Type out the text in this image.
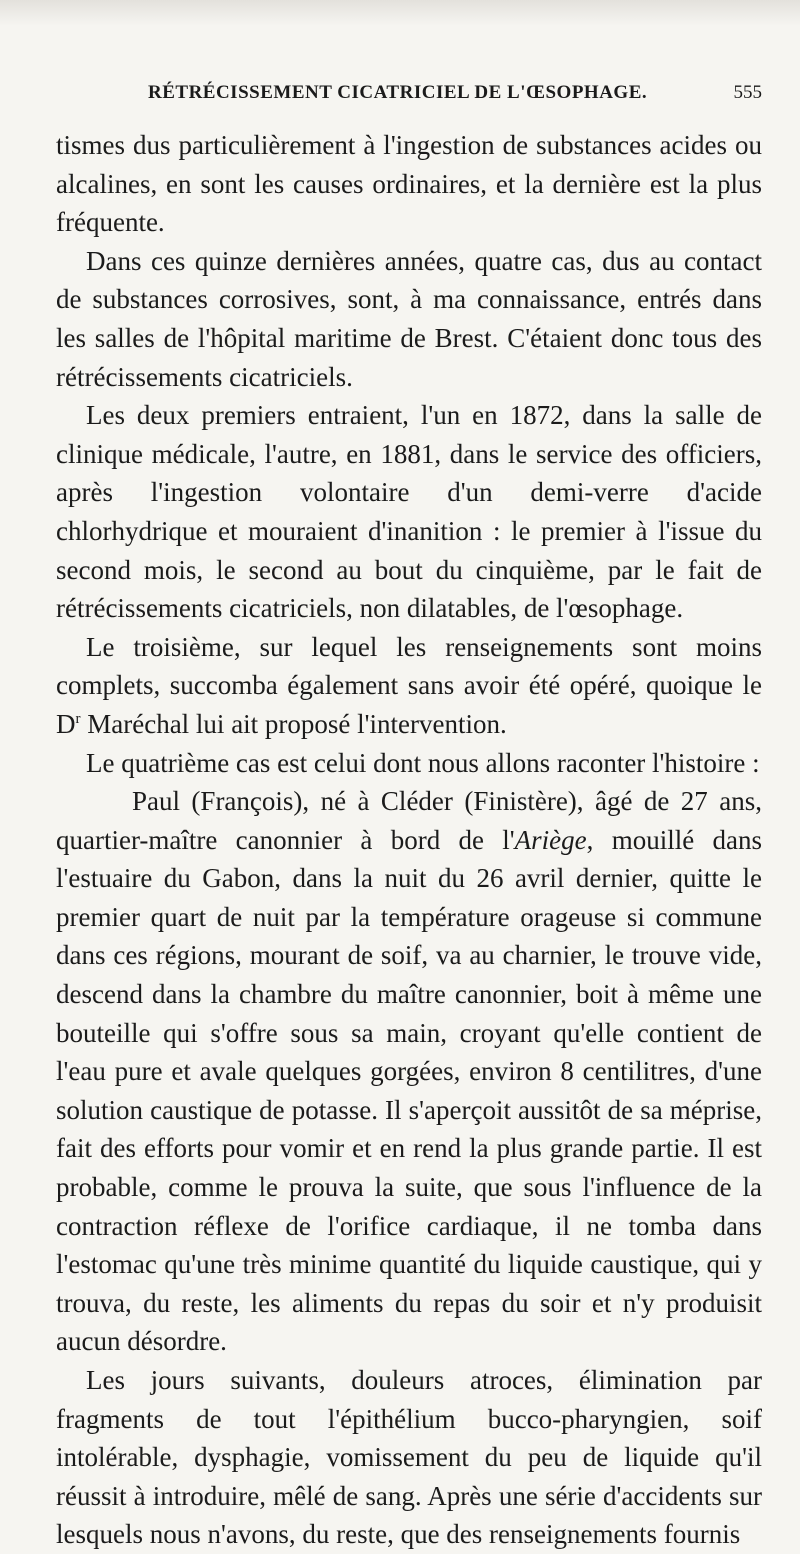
RÉTRÉCISSEMENT CICATRICIEL DE L'ŒSOPHAGE.	555

tismes dus particulièrement à l'ingestion de substances acides ou alcalines, en sont les causes ordinaires, et la dernière est la plus fréquente.

Dans ces quinze dernières années, quatre cas, dus au contact de substances corrosives, sont, à ma connaissance, entrés dans les salles de l'hôpital maritime de Brest. C'étaient donc tous des rétrécissements cicatriciels.

Les deux premiers entraient, l'un en 1872, dans la salle de clinique médicale, l'autre, en 1881, dans le service des officiers, après l'ingestion volontaire d'un demi-verre d'acide chlorhydrique et mouraient d'inanition : le premier à l'issue du second mois, le second au bout du cinquième, par le fait de rétrécissements cicatriciels, non dilatables, de l'œsophage.

Le troisième, sur lequel les renseignements sont moins complets, succomba également sans avoir été opéré, quoique le $D^r$ Maréchal lui ait proposé l'intervention.

Le quatrième cas est celui dont nous allons raconter l'histoire :

Paul (François), né à Cléder (Finistère), âgé de 27 ans, quartier-maître canonnier à bord de l'Ariège, mouillé dans l'estuaire du Gabon, dans la nuit du 26 avril dernier, quitte le premier quart de nuit par la température orageuse si commune dans ces régions, mourant de soif, va au charnier, le trouve vide, descend dans la chambre du maître canonnier, boit à même une bouteille qui s'offre sous sa main, croyant qu'elle contient de l'eau pure et avale quelques gorgées, environ 8 centilitres, d'une solution caustique de potasse. Il s'aperçoit aussitôt de sa méprise, fait des efforts pour vomir et en rend la plus grande partie. Il est probable, comme le prouva la suite, que sous l'influence de la contraction réflexe de l'orifice cardiaque, il ne tomba dans l'estomac qu'une très minime quantité du liquide caustique, qui y trouva, du reste, les aliments du repas du soir et n'y produisit aucun désordre.

Les jours suivants, douleurs atroces, élimination par fragments de tout l'épithélium bucco-pharyngien, soif intolérable, dysphagie, vomissement du peu de liquide qu'il réussit à introduire, mêlé de sang. Après une série d'accidents sur lesquels nous n'avons, du reste, que des renseignements fournis
